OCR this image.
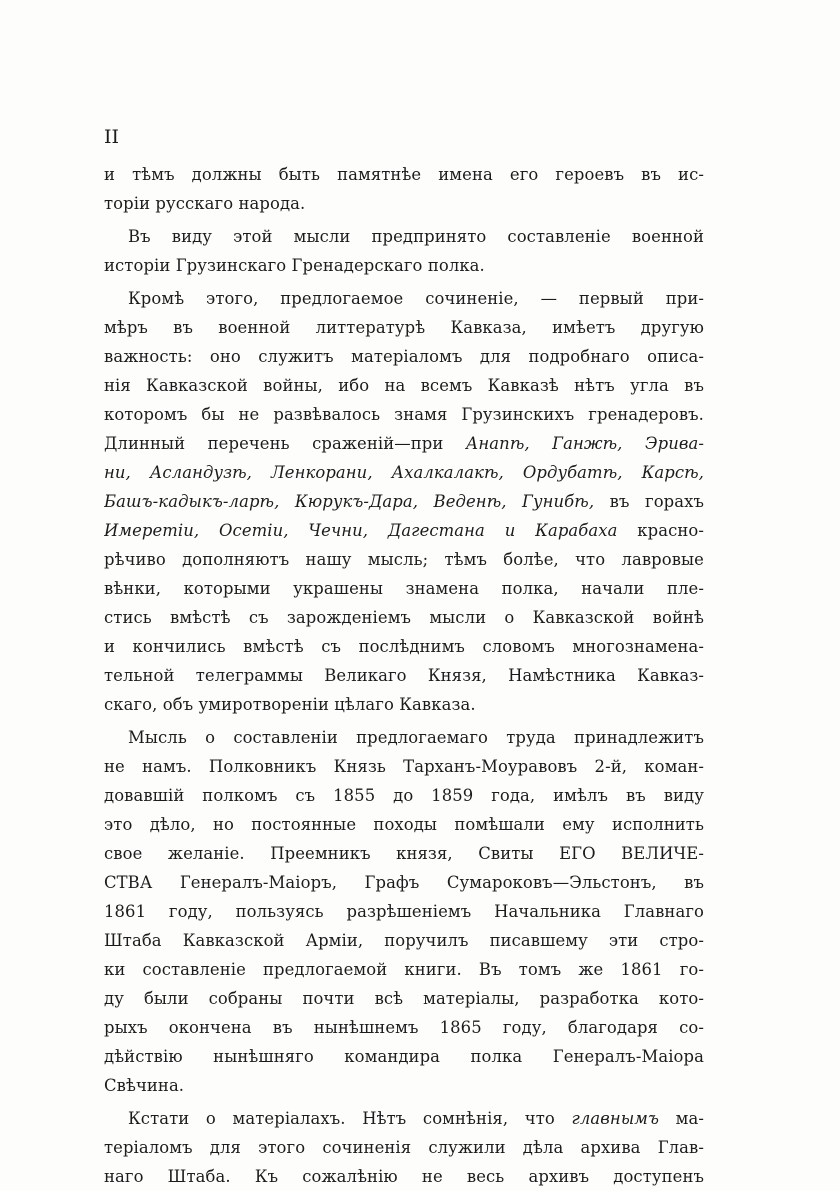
II
и тѣмъ должны быть памятнѣе имена его героевъ въ ис-
торіи русскаго народа.
Въ виду этой мысли предпринято составленіе военной
исторіи Грузинскаго Гренадерскаго полка.
Кромѣ этого, предлогаемое сочиненіе, — первый при-
мѣръ въ военной литтературѣ Кавказа, имѣетъ другую
важность: оно служитъ матеріаломъ для подробнаго описа-
нія Кавказской войны, ибо на всемъ Кавказѣ нѣтъ угла въ
которомъ бы не развѣвалось знамя Грузинскихъ гренадеровъ.
Длинный перечень сраженій—при Анапѣ, Ганжѣ, Эрива-
ни, Асландузѣ, Ленкорани, Ахалкалакѣ, Ордубатѣ, Карсѣ,
Башъ-кадыкъ-ларѣ, Кюрукъ-Дара, Веденѣ, Гунибѣ, въ горахъ
Имеретіи, Осетіи, Чечни, Дагестана и Карабаха красно-
рѣчиво дополняютъ нашу мысль; тѣмъ болѣе, что лавровые
вѣнки, которыми украшены знамена полка, начали пле-
стись вмѣстѣ съ зарожденіемъ мысли о Кавказской войнѣ
и кончились вмѣстѣ съ послѣднимъ словомъ многознамена-
тельной телеграммы Великаго Князя, Намѣстника Кавказ-
скаго, объ умиротвореніи цѣлаго Кавказа.
Мысль о составленіи предлогаемаго труда принадлежитъ
не намъ. Полковникъ Князь Тарханъ-Моуравовъ 2-й, коман-
довавшій полкомъ съ 1855 до 1859 года, имѣлъ въ виду
это дѣло, но постоянные походы помѣшали ему исполнить
свое желаніе. Преемникъ князя, Свиты ЕГО ВЕЛИЧЕ-
СТВА Генералъ-Маіоръ, Графъ Сумароковъ—Эльстонъ, въ
1861 году, пользуясь разрѣшеніемъ Начальника Главнаго
Штаба Кавказской Арміи, поручилъ писавшему эти стро-
ки составленіе предлогаемой книги. Въ томъ же 1861 го-
ду были собраны почти всѣ матеріалы, разработка кото-
рыхъ окончена въ нынѣшнемъ 1865 году, благодаря со-
дѣйствію нынѣшняго командира полка Генералъ-Маіора
Свѣчина.
Кстати о матеріалахъ. Нѣтъ сомнѣнія, что главнымъ ма-
теріаломъ для этого сочиненія служили дѣла архива Глав-
наго Штаба. Къ сожалѣнію не весь архивъ доступенъ
